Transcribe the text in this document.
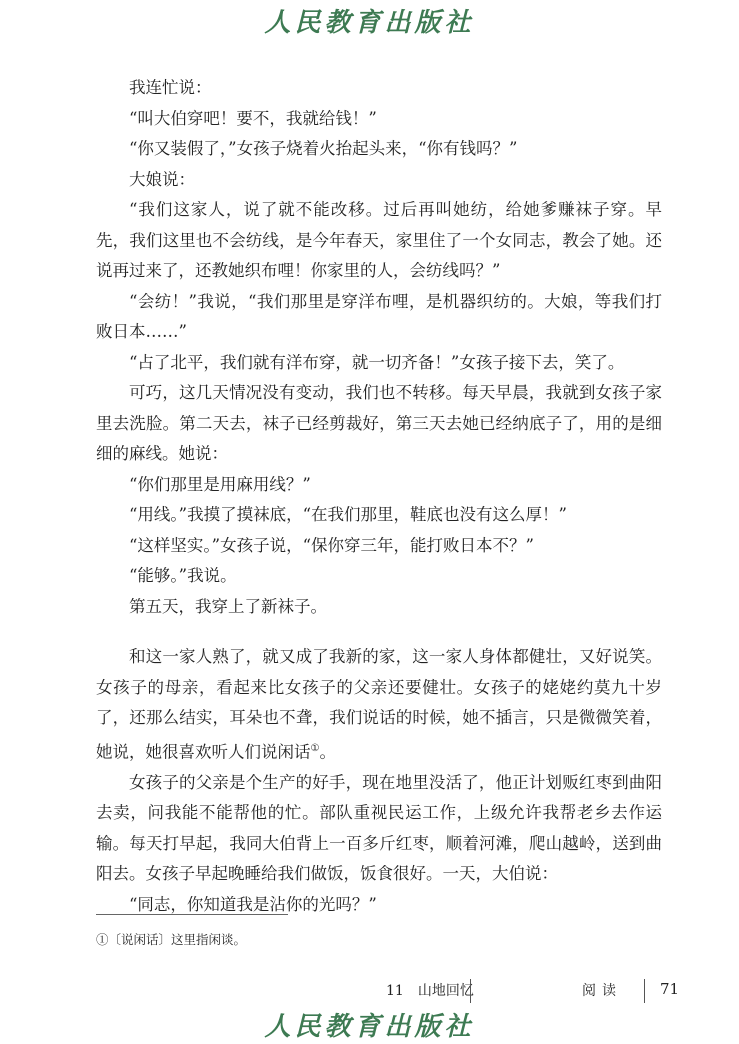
人民教育出版社

我连忙说：

“叫大伯穿吧！要不，我就给钱！”

“你又装假了，”女孩子烧着火抬起头来，“你有钱吗？”

大娘说：

“我们这家人，说了就不能改移。过后再叫她纺，给她爹赚袜子穿。早先，我们这里也不会纺线，是今年春天，家里住了一个女同志，教会了她。还说再过来了，还教她织布哩！你家里的人，会纺线吗？”

“会纺！”我说，“我们那里是穿洋布哩，是机器织纺的。大娘，等我们打败日本……”

“占了北平，我们就有洋布穿，就一切齐备！”女孩子接下去，笑了。

可巧，这几天情况没有变动，我们也不转移。每天早晨，我就到女孩子家里去洗脸。第二天去，袜子已经剪裁好，第三天去她已经纳底子了，用的是细细的麻线。她说：

“你们那里是用麻用线？”

“用线。”我摸了摸袜底，“在我们那里，鞋底也没有这么厚！”

“这样坚实。”女孩子说，“保你穿三年，能打败日本不？”

“能够。”我说。

第五天，我穿上了新袜子。

和这一家人熟了，就又成了我新的家，这一家人身体都健壮，又好说笑。女孩子的母亲，看起来比女孩子的父亲还要健壮。女孩子的姥姥约莫九十岁了，还那么结实，耳朵也不聋，我们说话的时候，她不插言，只是微微笑着，她说，她很喜欢听人们说闲话①。

女孩子的父亲是个生产的好手，现在地里没活了，他正计划贩红枣到曲阳去卖，问我能不能帮他的忙。部队重视民运工作，上级允许我帮老乡去作运输。每天打早起，我同大伯背上一百多斤红枣，顺着河滩，爬山越岭，送到曲阳去。女孩子早起晚睡给我们做饭，饭食很好。一天，大伯说：

“同志，你知道我是沾你的光吗？”

①〔说闲话〕这里指闲谈。
11　山地回忆	阅读	71
人民教育出版社
